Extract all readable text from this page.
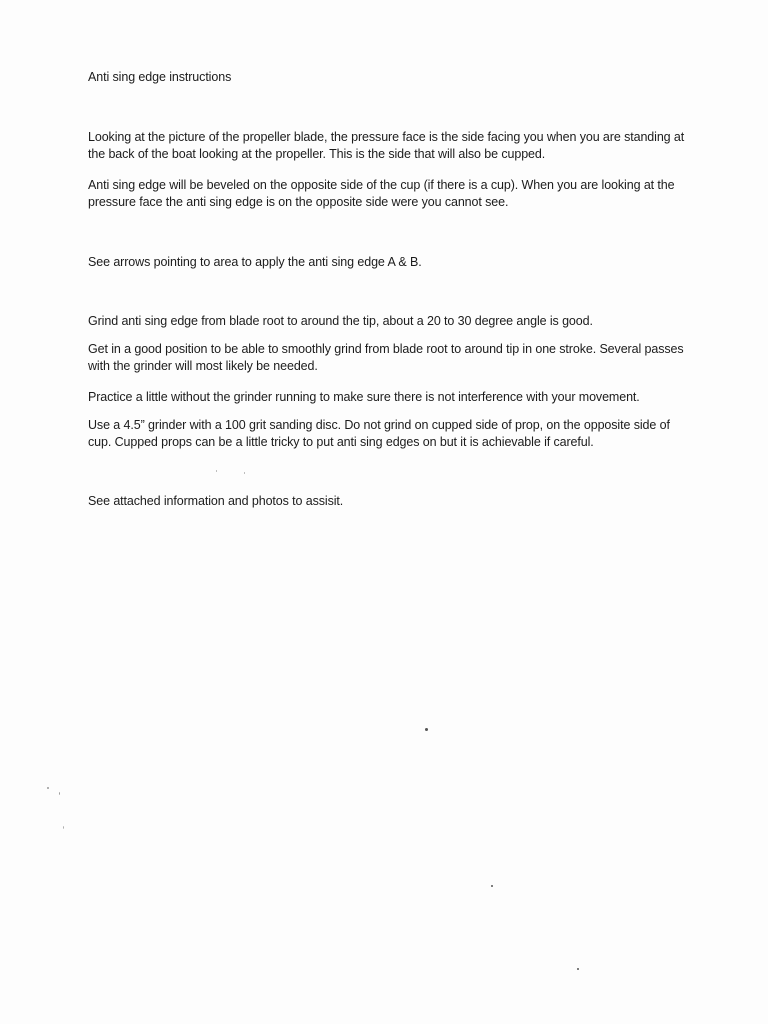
Anti sing edge instructions

Looking at the picture of the propeller blade, the pressure face is the side facing you when you are standing at the back of the boat looking at the propeller. This is the side that will also be cupped.

Anti sing edge will be beveled on the opposite side of the cup (if there is a cup). When you are looking at the pressure face the anti sing edge is on the opposite side were you cannot see.

See arrows pointing to area to apply the anti sing edge A & B.

Grind anti sing edge from blade root to around the tip, about a 20 to 30 degree angle is good.

Get in a good position to be able to smoothly grind from blade root to around tip in one stroke. Several passes with the grinder will most likely be needed.

Practice a little without the grinder running to make sure there is not interference with your movement.

Use a 4.5” grinder with a 100 grit sanding disc. Do not grind on cupped side of prop, on the opposite side of cup. Cupped props can be a little tricky to put anti sing edges on but it is achievable if careful.

See attached information and photos to assisit.
